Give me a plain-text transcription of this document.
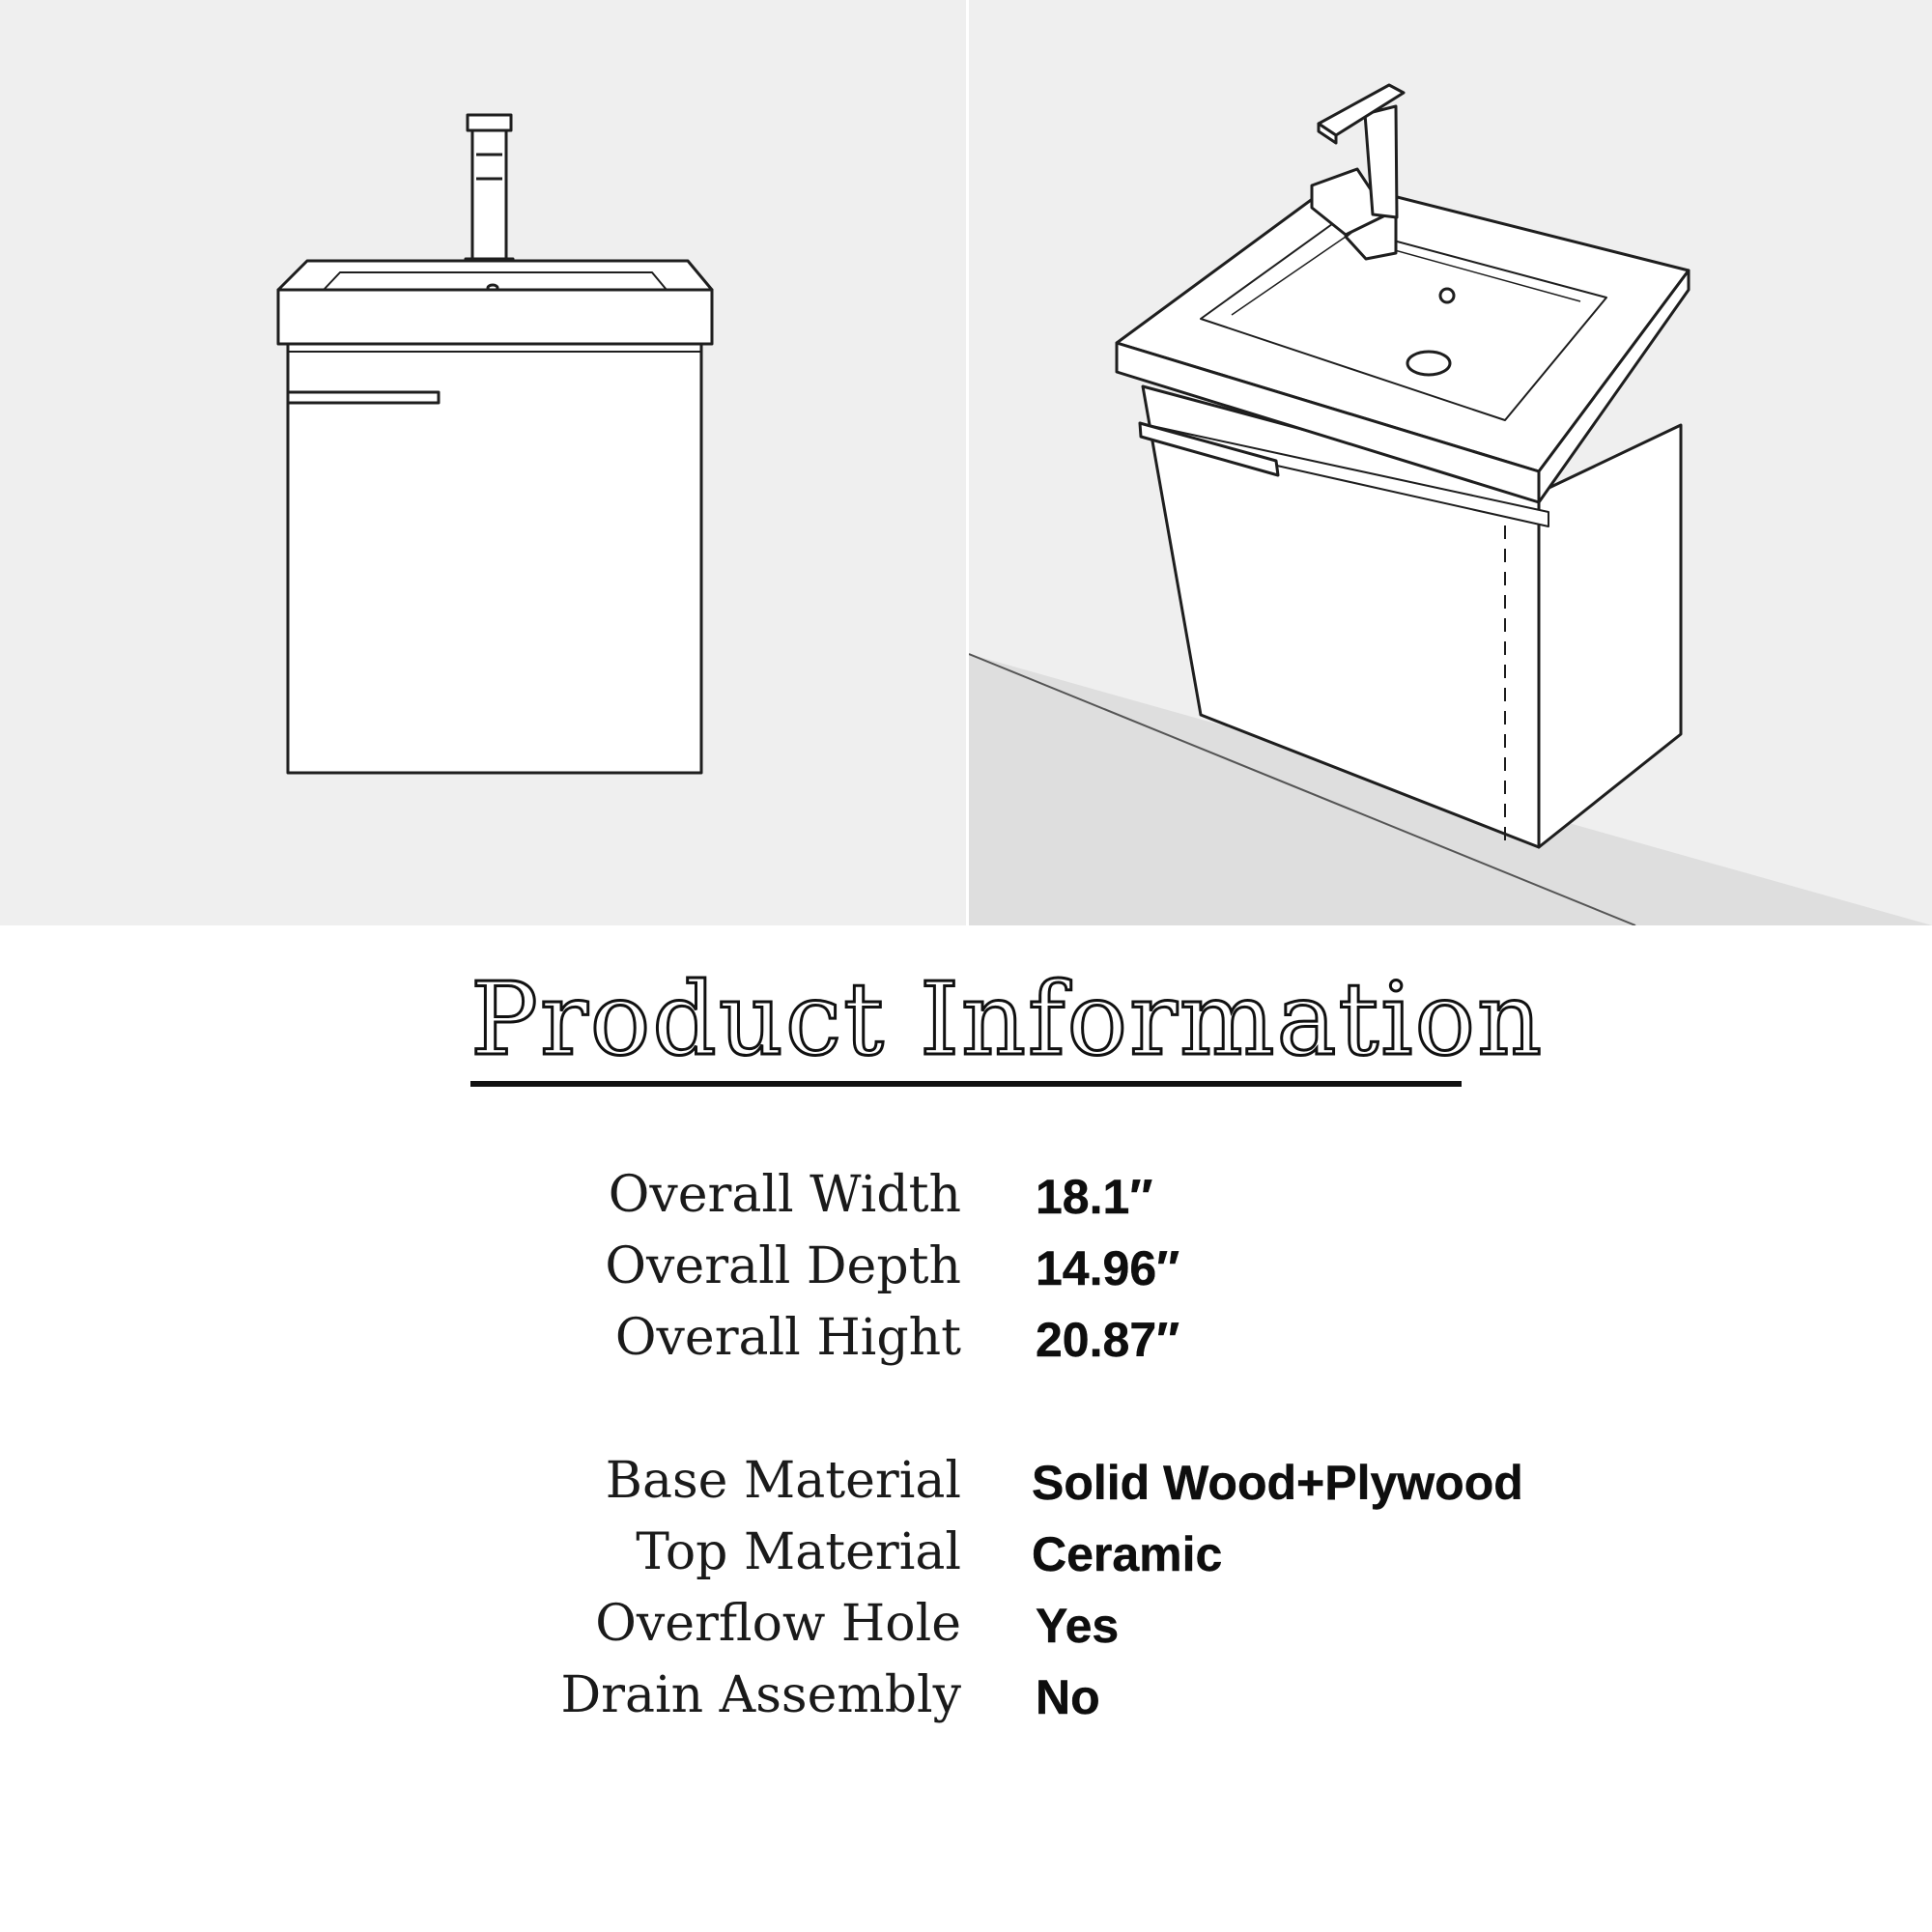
Product Information
Overall Width 18.1″
Overall Depth 14.96″
Overall Hight 20.87″
Base Material Solid Wood+Plywood
Top Material Ceramic
Overflow Hole Yes
Drain Assembly No
